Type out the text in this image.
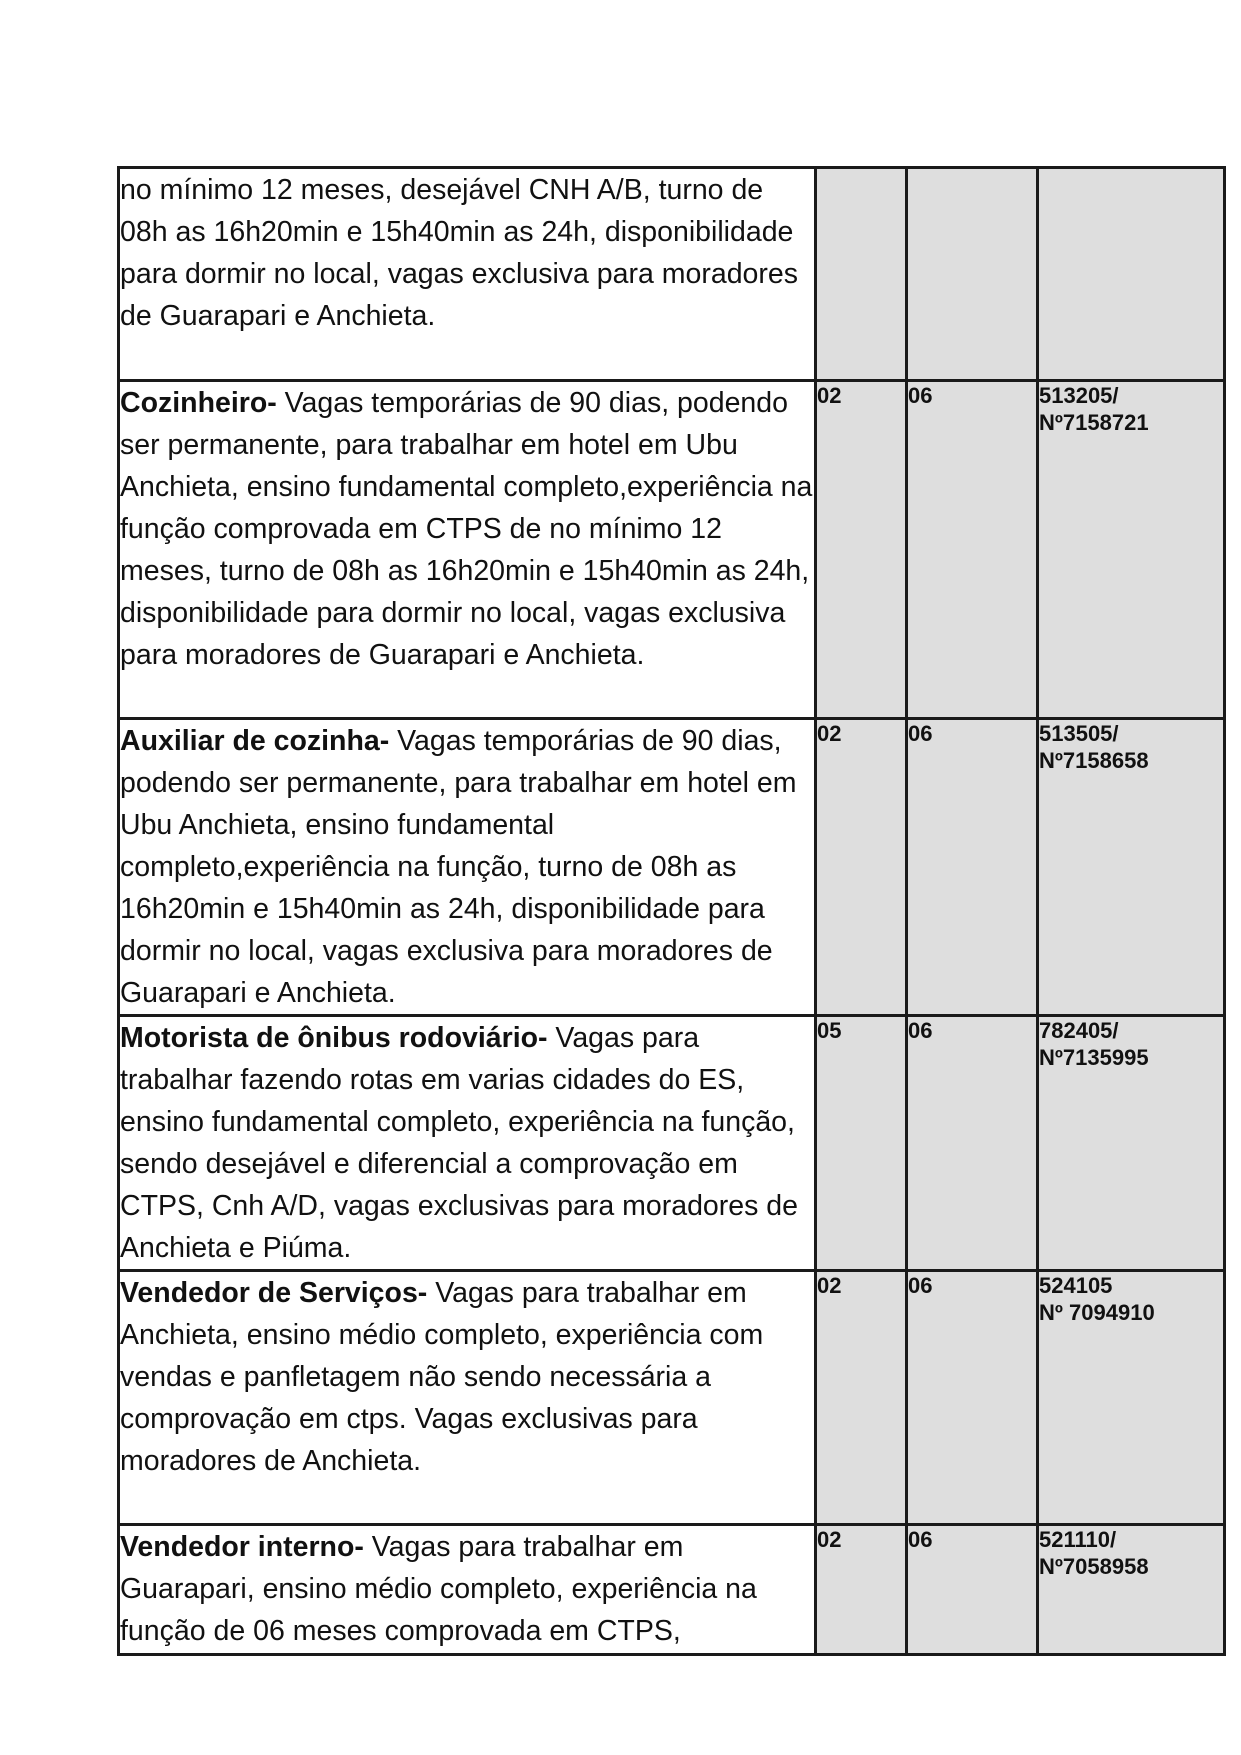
no mínimo 12 meses, desejável CNH A/B, turno de 08h as 16h20min e 15h40min as 24h, disponibilidade para dormir no local, vagas exclusiva para moradores de Guarapari e Anchieta.			

Cozinheiro- Vagas temporárias de 90 dias, podendo ser permanente, para trabalhar em hotel em Ubu Anchieta, ensino fundamental completo,experiência na função comprovada em CTPS de no mínimo 12 meses, turno de 08h as 16h20min e 15h40min as 24h, disponibilidade para dormir no local, vagas exclusiva para moradores de Guarapari e Anchieta.	02	06	513205/
Nº7158721

Auxiliar de cozinha- Vagas temporárias de 90 dias, podendo ser permanente, para trabalhar em hotel em Ubu Anchieta, ensino fundamental completo,experiência na função, turno de 08h as 16h20min e 15h40min as 24h, disponibilidade para dormir no local, vagas exclusiva para moradores de Guarapari e Anchieta.	02	06	513505/
Nº7158658

Motorista de ônibus rodoviário- Vagas para trabalhar fazendo rotas em varias cidades do ES, ensino fundamental completo, experiência na função, sendo desejável e diferencial a comprovação em CTPS, Cnh A/D, vagas exclusivas para moradores de Anchieta e Piúma.	05	06	782405/
Nº7135995

Vendedor de Serviços- Vagas para trabalhar em Anchieta, ensino médio completo, experiência com vendas e panfletagem não sendo necessária a comprovação em ctps. Vagas exclusivas para moradores de Anchieta.	02	06	524105
Nº 7094910

Vendedor interno- Vagas para trabalhar em Guarapari, ensino médio completo, experiência na função de 06 meses comprovada em CTPS,	02	06	521110/
Nº7058958
